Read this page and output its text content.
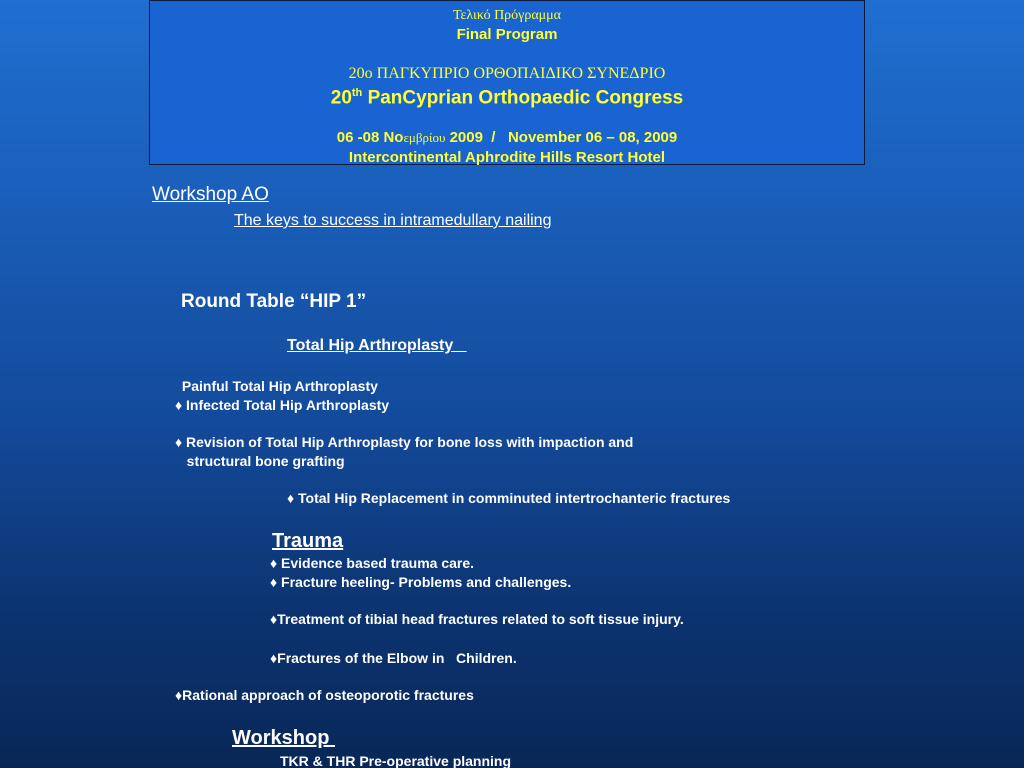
Τελικό Πρόγραμμα
Final Program
20ο ΠΑΓΚΥΠΡΙΟ ΟΡΘΟΠΑΙΔΙΚΟ ΣΥΝΕΔΡΙΟ
20th PanCyprian Orthopaedic Congress
06 -08 Νοεμβρίου 2009  /   November 06 – 08, 2009
Intercontinental Aphrodite Hills Resort Hotel
Workshop AO
The keys to success in intramedullary nailing
Round Table “HIP 1”
Total Hip Arthroplasty
Painful Total Hip Arthroplasty
♦ Infected Total Hip Arthroplasty
♦ Revision of Total Hip Arthroplasty for bone loss with impaction and
structural bone grafting
♦ Total Hip Replacement in comminuted intertrochanteric fractures
Trauma
♦ Evidence based trauma care.
♦ Fracture heeling- Problems and challenges.
♦Treatment of tibial head fractures related to soft tissue injury.
♦Fractures of the Elbow in   Children.
♦Rational approach of osteoporotic fractures
Workshop
TKR & THR Pre-operative planning
